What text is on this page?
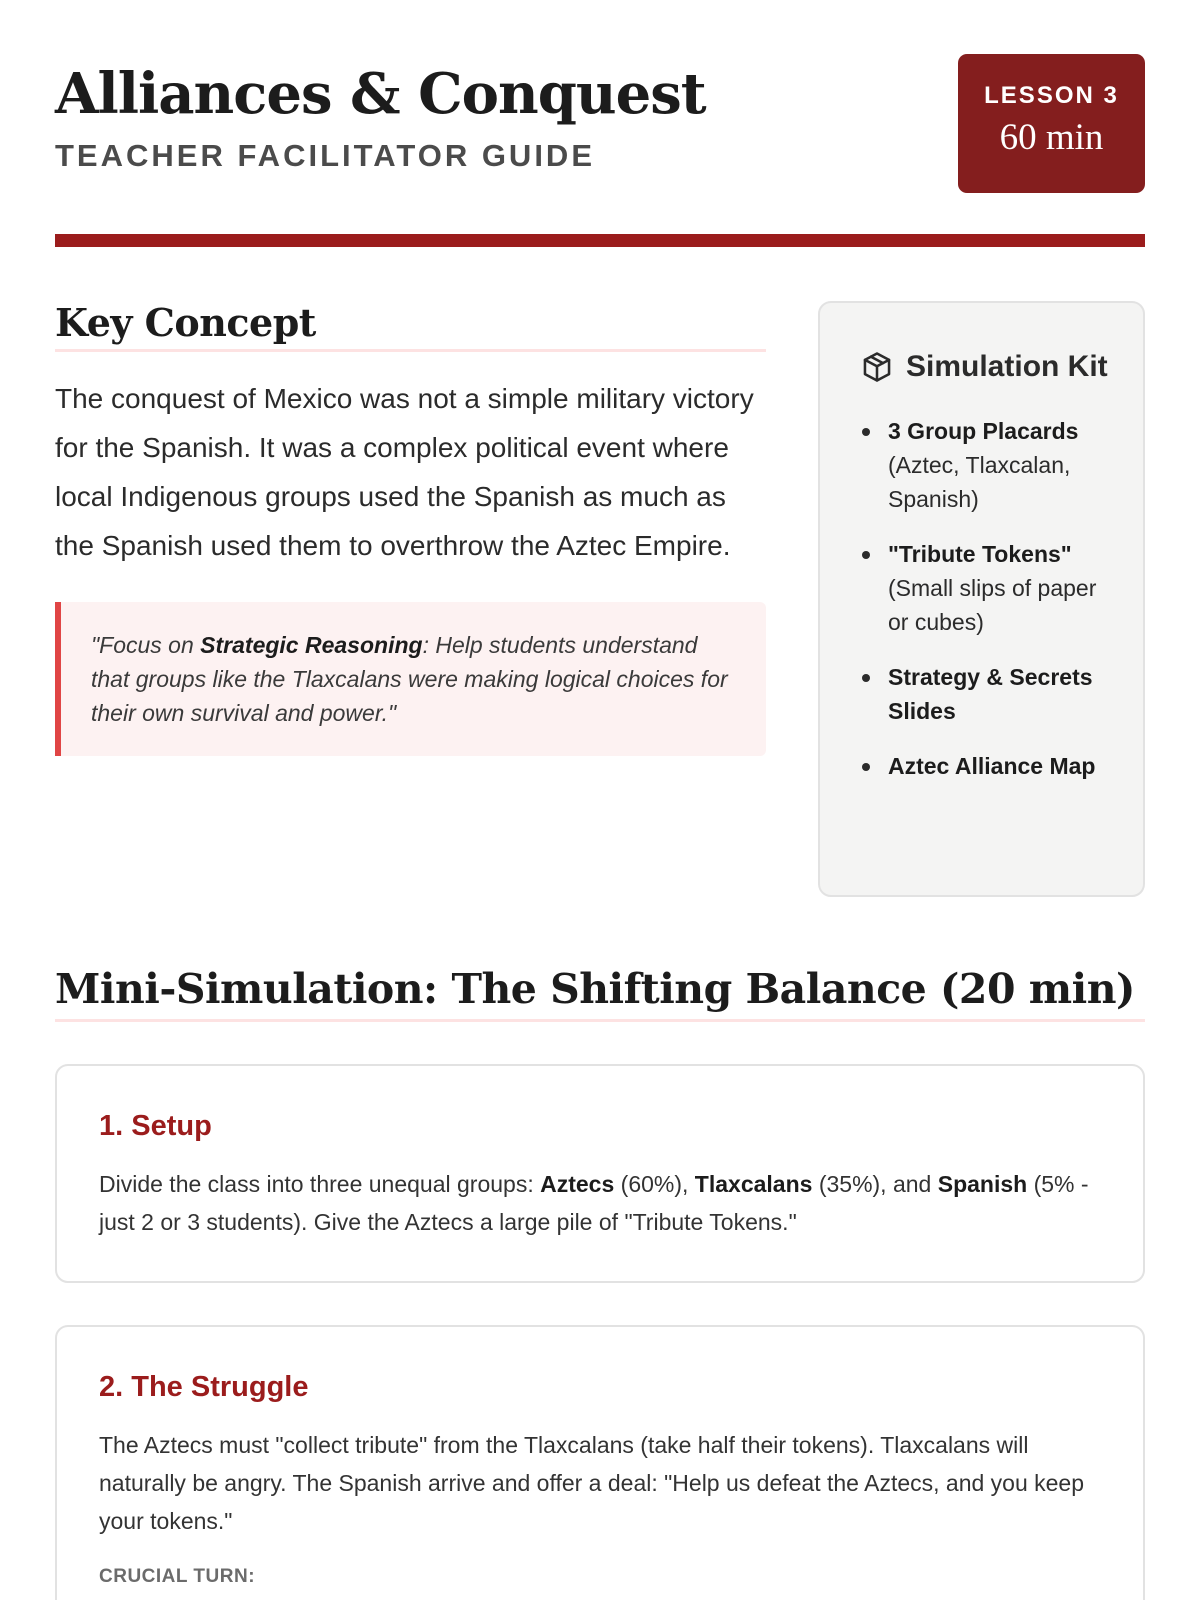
Alliances & Conquest
TEACHER FACILITATOR GUIDE
LESSON 3
60 min
Key Concept

The conquest of Mexico was not a simple military victory for the Spanish. It was a complex political event where local Indigenous groups used the Spanish as much as the Spanish used them to overthrow the Aztec Empire.

"Focus on Strategic Reasoning: Help students understand that groups like the Tlaxcalans were making logical choices for their own survival and power."
Simulation Kit
3 Group Placards (Aztec, Tlaxcalan, Spanish)
"Tribute Tokens" (Small slips of paper or cubes)
Strategy & Secrets Slides
Aztec Alliance Map
Mini-Simulation: The Shifting Balance (20 min)
1. Setup

Divide the class into three unequal groups: Aztecs (60%), Tlaxcalans (35%), and Spanish (5% - just 2 or 3 students). Give the Aztecs a large pile of "Tribute Tokens."

2. The Struggle

The Aztecs must "collect tribute" from the Tlaxcalans (take half their tokens). Tlaxcalans will naturally be angry. The Spanish arrive and offer a deal: "Help us defeat the Aztecs, and you keep your tokens."

CRUCIAL TURN:
